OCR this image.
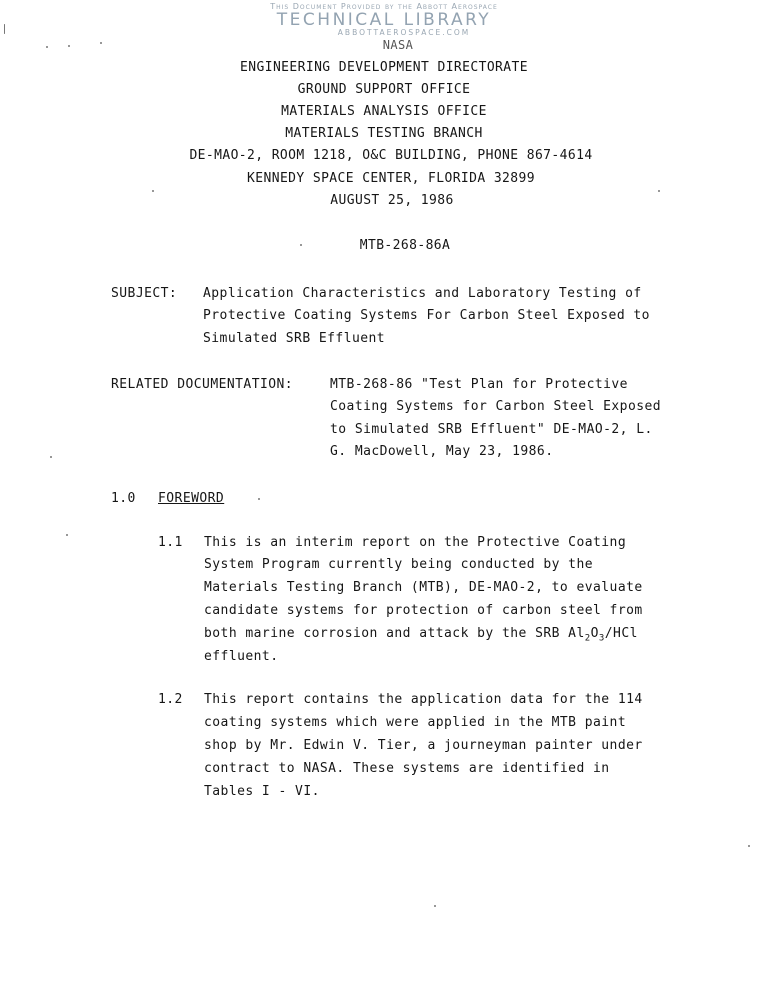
This Document Provided by the Abbott Aerospace
TECHNICAL LIBRARY
ABBOTTAEROSPACE.COM
NASA
ENGINEERING DEVELOPMENT DIRECTORATE
GROUND SUPPORT OFFICE
MATERIALS ANALYSIS OFFICE
MATERIALS TESTING BRANCH
DE-MAO-2, ROOM 1218, O&C BUILDING, PHONE 867-4614
KENNEDY SPACE CENTER, FLORIDA 32899
AUGUST 25, 1986
MTB-268-86A
SUBJECT: Application Characteristics and Laboratory Testing of
Protective Coating Systems For Carbon Steel Exposed to
Simulated SRB Effluent
RELATED DOCUMENTATION:	MTB-268-86 "Test Plan for Protective
Coating Systems for Carbon Steel Exposed
to Simulated SRB Effluent" DE-MAO-2, L.
G. MacDowell, May 23, 1986.
1.0 FOREWORD
1.1 This is an interim report on the Protective Coating
System Program currently being conducted by the
Materials Testing Branch (MTB), DE-MAO-2, to evaluate
candidate systems for protection of carbon steel from
both marine corrosion and attack by the SRB $Al_2O_3$/HCl
effluent.
1.2 This report contains the application data for the 114
coating systems which were applied in the MTB paint
shop by Mr. Edwin V. Tier, a journeyman painter under
contract to NASA. These systems are identified in
Tables I - VI.
